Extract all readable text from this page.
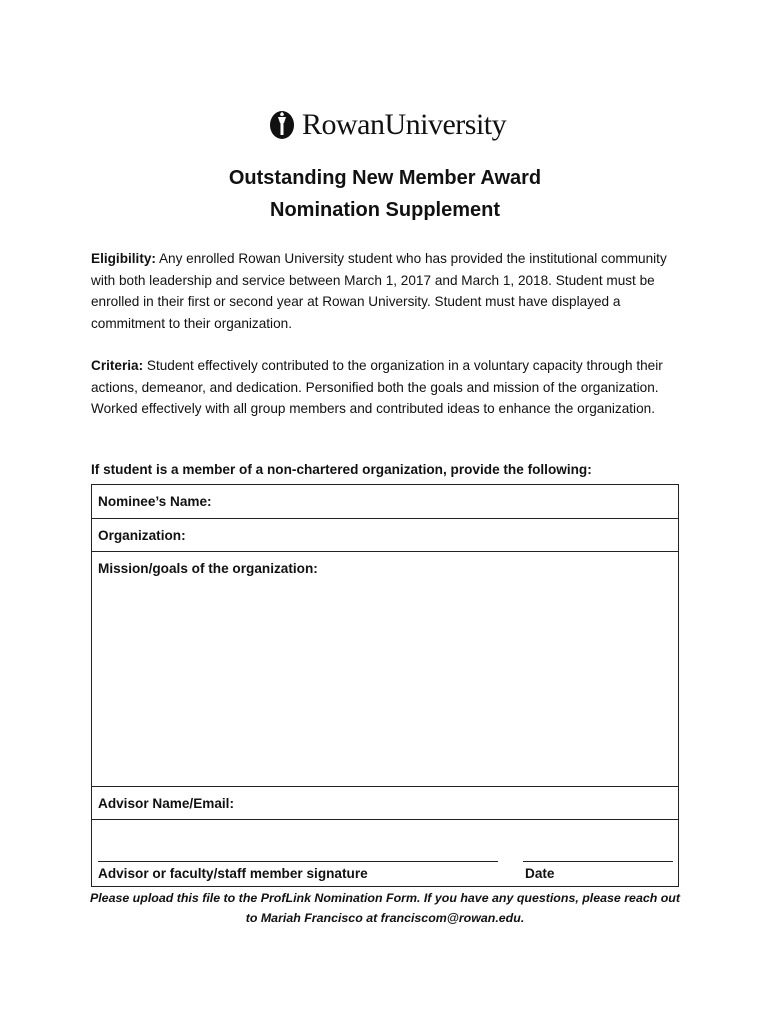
RowanUniversity
Outstanding New Member Award
Nomination Supplement

Eligibility: Any enrolled Rowan University student who has provided the institutional community with both leadership and service between March 1, 2017 and March 1, 2018. Student must be enrolled in their first or second year at Rowan University. Student must have displayed a commitment to their organization.

Criteria: Student effectively contributed to the organization in a voluntary capacity through their actions, demeanor, and dedication. Personified both the goals and mission of the organization. Worked effectively with all group members and contributed ideas to enhance the organization.

If student is a member of a non-chartered organization, provide the following:
Nominee’s Name:
Organization:
Mission/goals of the organization:
Advisor Name/Email:
Advisor or faculty/staff member signature	Date
Please upload this file to the ProfLink Nomination Form. If you have any questions, please reach out
to Mariah Francisco at franciscom@rowan.edu.
